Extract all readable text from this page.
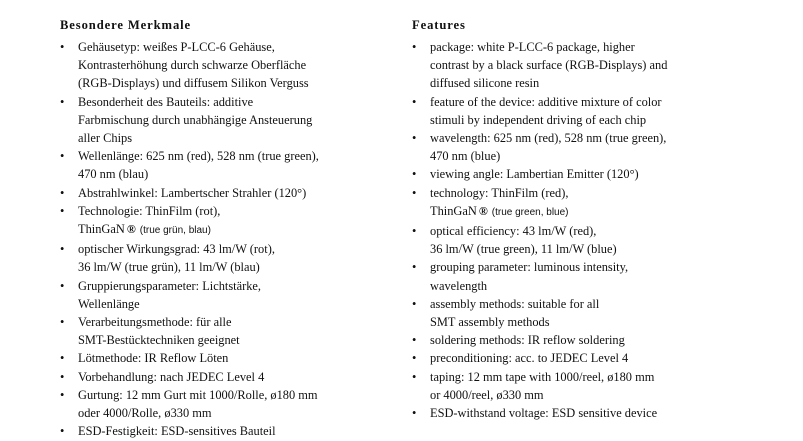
Besondere Merkmale
• Gehäusetyp: weißes P-LCC-6 Gehäuse,
Kontrasterhöhung durch schwarze Oberfläche
(RGB-Displays) und diffusem Silikon Verguss
• Besonderheit des Bauteils: additive
Farbmischung durch unabhängige Ansteuerung
aller Chips
• Wellenlänge: 625 nm (red), 528 nm (true green),
470 nm (blau)
• Abstrahlwinkel: Lambertscher Strahler (120°)
• Technologie: ThinFilm (rot),
ThinGaN ® (true grün, blau)
• optischer Wirkungsgrad: 43 lm/W (rot),
36 lm/W (true grün), 11 lm/W (blau)
• Gruppierungsparameter: Lichtstärke,
Wellenlänge
• Verarbeitungsmethode: für alle
SMT-Bestücktechniken geeignet
• Lötmethode: IR Reflow Löten
• Vorbehandlung: nach JEDEC Level 4
• Gurtung: 12 mm Gurt mit 1000/Rolle, ø180 mm
oder 4000/Rolle, ø330 mm
• ESD-Festigkeit: ESD-sensitives Bauteil
Features
• package: white P-LCC-6 package, higher
contrast by a black surface (RGB-Displays) and
diffused silicone resin
• feature of the device: additive mixture of color
stimuli by independent driving of each chip
• wavelength: 625 nm (red), 528 nm (true green),
470 nm (blue)
• viewing angle: Lambertian Emitter (120°)
• technology: ThinFilm (red),
ThinGaN ® (true green, blue)
• optical efficiency: 43 lm/W (red),
36 lm/W (true green), 11 lm/W (blue)
• grouping parameter: luminous intensity,
wavelength
• assembly methods: suitable for all
SMT assembly methods
• soldering methods: IR reflow soldering
• preconditioning: acc. to JEDEC Level 4
• taping: 12 mm tape with 1000/reel, ø180 mm
or 4000/reel, ø330 mm
• ESD-withstand voltage: ESD sensitive device
